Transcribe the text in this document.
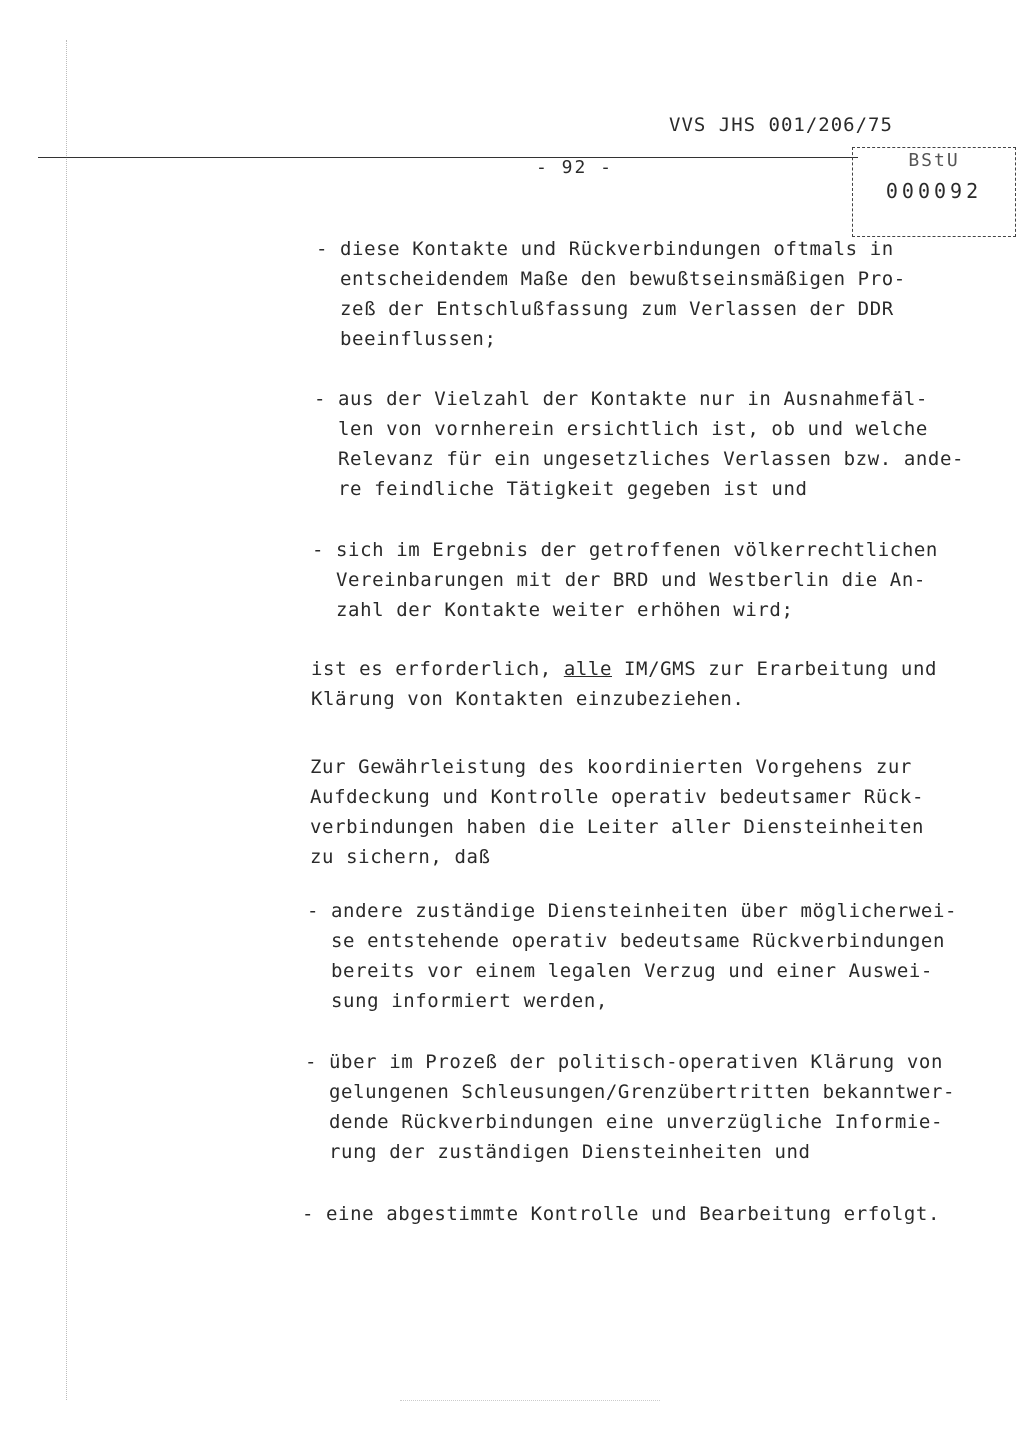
VVS JHS 001/206/75
- 92 -	BStU
000092
- diese Kontakte und Rückverbindungen oftmals in
entscheidendem Maße den bewußtseinsmäßigen Pro-
zeß der Entschlußfassung zum Verlassen der DDR
beeinflussen;
- aus der Vielzahl der Kontakte nur in Ausnahmefäl-
len von vornherein ersichtlich ist, ob und welche
Relevanz für ein ungesetzliches Verlassen bzw. ande-
re feindliche Tätigkeit gegeben ist und
- sich im Ergebnis der getroffenen völkerrechtlichen
Vereinbarungen mit der BRD und Westberlin die An-
zahl der Kontakte weiter erhöhen wird;
ist es erforderlich, alle IM/GMS zur Erarbeitung und
Klärung von Kontakten einzubeziehen.
Zur Gewährleistung des koordinierten Vorgehens zur
Aufdeckung und Kontrolle operativ bedeutsamer Rück-
verbindungen haben die Leiter aller Diensteinheiten
zu sichern, daß
- andere zuständige Diensteinheiten über möglicherwei-
se entstehende operativ bedeutsame Rückverbindungen
bereits vor einem legalen Verzug und einer Auswei-
sung informiert werden,
- über im Prozeß der politisch-operativen Klärung von
gelungenen Schleusungen/Grenzübertritten bekanntwer-
dende Rückverbindungen eine unverzügliche Informie-
rung der zuständigen Diensteinheiten und
- eine abgestimmte Kontrolle und Bearbeitung erfolgt.
